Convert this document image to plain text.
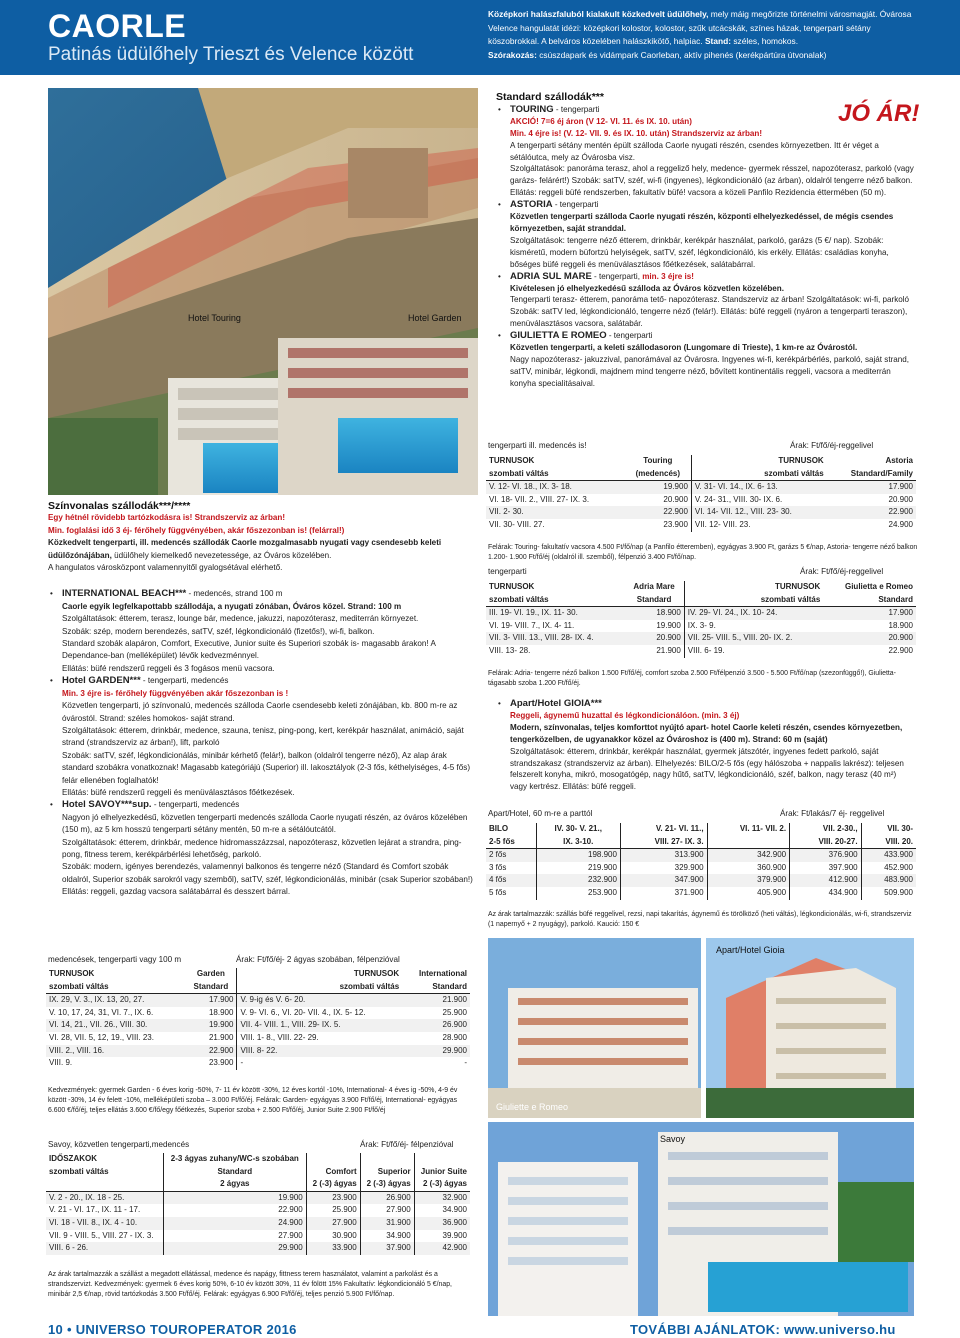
CAORLE
Patinás üdülőhely Trieszt és Velence között
Középkori halászfaluból kialakult közkedvelt üdülőhely, mely máig megőrizte történelmi városmagját. Óvárosa Velence hangulatát idézi: középkori kolostor, kolostor, szűk utcácskák, színes házak, tengerparti sétány köszobrokkal. A belváros közelében halászkikötő, halpiac. Stand: széles, homokos.
Szórakozás: csúszdapark és vidámpark Caorleban, aktív pihenés (kerékpártúra útvonalak)
Hotel Touring	Hotel Garden
Színvonalas szállodák***/****
Egy hétnél rövidebb tartózkodásra is! Strandszerviz az árban!
Min. foglalási idő 3 éj- férőhely függvényében, akár főszezonban is! (felárral!)
Közkedvelt tengerparti, ill. medencés szállodák Caorle mozgalmasabb nyugati vagy csendesebb keleti üdülőzónájában, üdülőhely kiemelkedő nevezetessége, az Óváros közelében.
A hangulatos városközpont valamennyitől gyalogsétával elérhető.
• INTERNATIONAL BEACH*** - medencés, strand 100 m
Caorle egyik legfelkapottabb szállodája, a nyugati zónában, Óváros közel. Strand: 100 m
Szolgáltatások: étterem, terasz, lounge bár, medence, jakuzzi, napozóterasz, mediterrán környezet.
Szobák: szép, modern berendezés, satTV, széf, légkondicionáló (fizetős!), wi-fi, balkon.
Standard szobák alapáron, Comfort, Executive, Junior suite és Superiori szobák is- magasabb árakon! A Dependance-ban (melléképület) lévők kedvezménnyel.
Ellátás: büfé rendszerű reggeli és 3 fogásos menü vacsora.
• Hotel GARDEN*** - tengerparti, medencés
Min. 3 éjre is- férőhely függvényében akár főszezonban is !
Közvetlen tengerparti, jó színvonalú, medencés szálloda Caorle csendesebb keleti zónájában, kb. 800 m-re az óvárostól. Strand: széles homokos- saját strand.
Szolgáltatások: étterem, drinkbár, medence, szauna, tenisz, ping-pong, kert, kerékpár használat, animáció, saját strand (strandszerviz az árban!), lift, parkoló
Szobák: satTV, széf, légkondicionálás, minibár kérhető (felár!), balkon (oldalról tengerre néző), Az alap árak standard szobákra vonatkoznak! Magasabb kategóriájú (Superior) ill. lakosztályok (2-3 fős, kéthelyiséges, 4-5 fős) felár ellenében foglalhatók!
Ellátás: büfé rendszerű reggeli és menüválasztásos főétkezések.
• Hotel SAVOY***sup. - tengerparti, medencés
Nagyon jó elhelyezkedésű, közvetlen tengerparti medencés szálloda Caorle nyugati részén, az óváros közelében (150 m), az 5 km hosszú tengerparti sétány mentén, 50 m-re a sétálóutcától.
Szolgáltatások: étterem, drinkbár, medence hidromasszázzsal, napozóterasz, közvetlen lejárat a strandra, ping-pong, fitness terem, kerékpárbérlési lehetőség, parkoló.
Szobák: modern, igényes berendezés, valamennyi balkonos és tengerre néző (Standard és Comfort szobák oldalról, Superior szobák sarokról vagy szemből), satTV, széf, légkondicionálás, minibár (csak Superior szobában!)
Ellátás: reggeli, gazdag vacsora salátabárral és desszert bárral.
medencések, tengerparti vagy 100 m	Árak: Ft/fő/éj- 2 ágyas szobában, félpenzióval
TURNUSOK	Garden	TURNUSOK	International
szombati váltás	Standard	szombati váltás	Standard
IX. 29, V. 3., IX. 13, 20, 27.	17.900	V. 9-ig és V. 6- 20.	21.900
V. 10, 17, 24, 31, VI. 7., IX. 6.	18.900	V. 9- VI. 6., VI. 20- VII. 4., IX. 5- 12.	25.900
VI. 14, 21., VII. 26., VIII. 30.	19.900	VII. 4- VIII. 1., VIII. 29- IX. 5.	26.900
VI. 28, VII. 5, 12, 19., VIII. 23.	21.900	VIII. 1- 8., VIII. 22- 29.	28.900
VIII. 2., VIII. 16.	22.900	VIII. 8- 22.	29.900
VIII. 9.	23.900	-	-
Kedvezmények: gyermek Garden - 6 éves korig -50%, 7- 11 év között -30%, 12 éves kortól -10%, International- 4 éves ig -50%, 4-9 év között -30%, 14 év felett -10%, melléképületi szoba – 3.000 Ft/fő/éj. Felárak: Garden- egyágyas 3.900 Ft/fő/éj, International- egyágyas 6.600 €/fő/éj, teljes ellátás 3.600 €/fő/egy főétkezés, Superior szoba + 2.500 Ft/fő/éj, Junior Suite 2.900 Ft/fő/éj
Savoy, közvetlen tengerparti,medencés	Árak: Ft/fő/éj- félpenzióval
IDŐSZAKOK	2-3 ágyas zuhany/WC-s szobában			
szombati váltás	Standard	Comfort	Superior	Junior Suite
	2 ágyas	2 (-3) ágyas	2 (-3) ágyas	2 (-3) ágyas
V. 2 - 20., IX. 18 - 25.	19.900	23.900	26.900	32.900
V. 21 - VI. 17., IX. 11 - 17.	22.900	25.900	27.900	34.900
VI. 18 - VII. 8., IX. 4 - 10.	24.900	27.900	31.900	36.900
VII. 9 - VIII. 5., VIII. 27 - IX. 3.	27.900	30.900	34.900	39.900
VIII. 6 - 26.	29.900	33.900	37.900	42.900
Az árak tartalmazzák a szállást a megadott ellátással, medence és napágy, fittness terem használatot, valamint a parkolást és a strandszervizt. Kedvezmények: gyermek 6 éves korig 50%, 6-10 év között 30%, 11 év fölött 15% Fakultatív: légkondicionáló 5 €/nap, minibár 2,5 €/nap, rövid tartózkodás 3.500 Ft/fő/éj. Felárak: egyágyas 6.900 Ft/fő/éj, teljes penzió 5.900 Ft/fő/nap.
JÓ ÁR!
Standard szállodák***
• TOURING - tengerparti
AKCIÓ! 7=6 éj áron (V 12- VI. 11. és IX. 10. után)
Min. 4 éjre is! (V. 12- VII. 9. és IX. 10. után) Strandszerviz az árban!
A tengerparti sétány mentén épült szálloda Caorle nyugati részén, csendes környezetben. Itt ér véget a sétálóutca, mely az Óvárosba visz.
Szolgáltatások: panoráma terasz, ahol a reggeliző hely, medence- gyermek résszel, napozóterasz, parkoló (vagy garázs- felárért!) Szobák: satTV, széf, wi-fi (ingyenes), légkondicionáló (az árban), oldalról tengerre néző balkon. Ellátás: reggeli büfé rendszerben, fakultatív büfé! vacsora a közeli Panfilo Rezidencia éttermében (50 m).
• ASTORIA - tengerparti
Közvetlen tengerparti szálloda Caorle nyugati részén, központi elhelyezkedéssel, de mégis csendes környezetben, saját stranddal.
Szolgáltatások: tengerre néző étterem, drinkbár, kerékpár használat, parkoló, garázs (5 €/ nap). Szobák: kisméretű, modern büfortzú helyiségek, satTV, széf, légkondicionáló, kis erkély. Ellátás: családias konyha, bőséges büfé reggeli és menüválasztásos főétkezések, salátabárral.
• ADRIA SUL MARE - tengerparti, min. 3 éjre is!
Kivételesen jó elhelyezkedésű szálloda az Óváros közvetlen közelében.
Tengerparti terasz- étterem, panoráma tető- napozóterasz. Standszerviz az árban! Szolgáltatások: wi-fi, parkoló Szobák: satTV led, légkondicionáló, tengerre néző (felár!). Ellátás: büfé reggeli (nyáron a tengerparti teraszon), menüválasztásos vacsora, salátabár.
• GIULIETTA E ROMEO - tengerparti
Közvetlen tengerparti, a keleti szállodasoron (Lungomare di Trieste), 1 km-re az Óvárostól.
Nagy napozóterasz- jakuzzival, panorámával az Óvárosra. Ingyenes wi-fi, kerékpárbérlés, parkoló, saját strand, satTV, minibár, légkondi, majdnem mind tengerre néző, bővített kontinentális reggeli, vacsora a mediterrán konyha specialitásaival.
tengerparti ill. medencés is!	Árak: Ft/fő/éj-reggelivel
TURNUSOK	Touring	TURNUSOK	Astoria
szombati váltás	(medencés)	szombati váltás	Standard/Family
V. 12- VI. 18., IX. 3- 18.	19.900	V. 31- VI. 14., IX. 6- 13.	17.900
VI. 18- VII. 2., VIII. 27- IX. 3.	20.900	V. 24- 31., VIII. 30- IX. 6.	20.900
VII. 2- 30.	22.900	VI. 14- VII. 12., VIII. 23- 30.	22.900
VII. 30- VIII. 27.	23.900	VII. 12- VIII. 23.	24.900
Felárak: Touring- fakultatív vacsora 4.500 Ft/fő/nap (a Panfilo étteremben), egyágyas 3.900 Ft, garázs 5 €/nap, Astoria- tengerre néző balkon 1.200- 1.900 Ft/fő/éj (oldalról ill. szemből), félpenzió 3.400 Ft/fő/nap.
tengerparti	Árak: Ft/fő/éj-reggelivel
TURNUSOK	Adria Mare	TURNUSOK	Giulietta e Romeo
szombati váltás	Standard	szombati váltás	Standard
III. 19- VI. 19., IX. 11- 30.	18.900	IV. 29- VI. 24., IX. 10- 24.	17.900
VI. 19- VIII. 7., IX. 4- 11.	19.900	IX. 3- 9.	18.900
VII. 3- VIII. 13., VIII. 28- IX. 4.	20.900	VII. 25- VIII. 5., VIII. 20- IX. 2.	20.900
VIII. 13- 28.	21.900	VIII. 6- 19.	22.900
Felárak: Adria- tengerre néző balkon 1.500 Ft/fő/éj, comfort szoba 2.500 Ft/félpenzió 3.500 - 5.500 Ft/fő/nap (szezonfüggő!), Giulietta- tágasabb szoba 1.200 Ft/fő/éj.
• Apart/Hotel GIOIA***
Reggeli, ágynemű huzattal és légkondicionálóon. (min. 3 éj)
Modern, színvonalas, teljes komforttot nyújtó apart- hotel Caorle keleti részén, csendes környezetben, tengerközelben, de ugyanakkor közel az Óvároshoz is (400 m). Strand: 60 m (saját)
Szolgáltatások: étterem, drinkbár, kerékpár használat, gyermek játszótér, ingyenes fedett parkoló, saját strandszakasz (strandszerviz az árban). Elhelyezés: BILO/2-5 fős (egy hálószoba + nappalis lakrész): teljesen felszerelt konyha, mikró, mosogatógép, nagy hűtő, satTV, légkondicionáló, széf, balkon, nagy terasz (40 m²) vagy kertrész. Ellátás: büfé reggeli.
Apart/Hotel, 60 m-re a parttól	Árak: Ft/lakás/7 éj- reggelivel
BILO	IV. 30- V. 21.,	V. 21- VI. 11.,	VI. 11- VII. 2.	VII. 2-30.,	VII. 30-
2-5 fős	IX. 3-10.	VIII. 27- IX. 3.		VIII. 20-27.	VIII. 20.
2 fős	198.900	313.900	342.900	376.900	433.900
3 fős	219.900	329.900	360.900	397.900	452.900
4 fős	232.900	347.900	379.900	412.900	483.900
5 fős	253.900	371.900	405.900	434.900	509.900
Az árak tartalmazzák: szállás büfé reggelivel, rezsi, napi takarítás, ágynemű és törölköző (heti váltás), légkondicionálás, wi-fi, strandszerviz (1 napernyő + 2 nyugágy), parkoló. Kaució: 150 €
Apart/Hotel Gioia
Giuliette e Romeo
Savoy
10 • UNIVERSO TOUROPERATOR 2016	TOVÁBBI AJÁNLATOK: www.universo.hu
